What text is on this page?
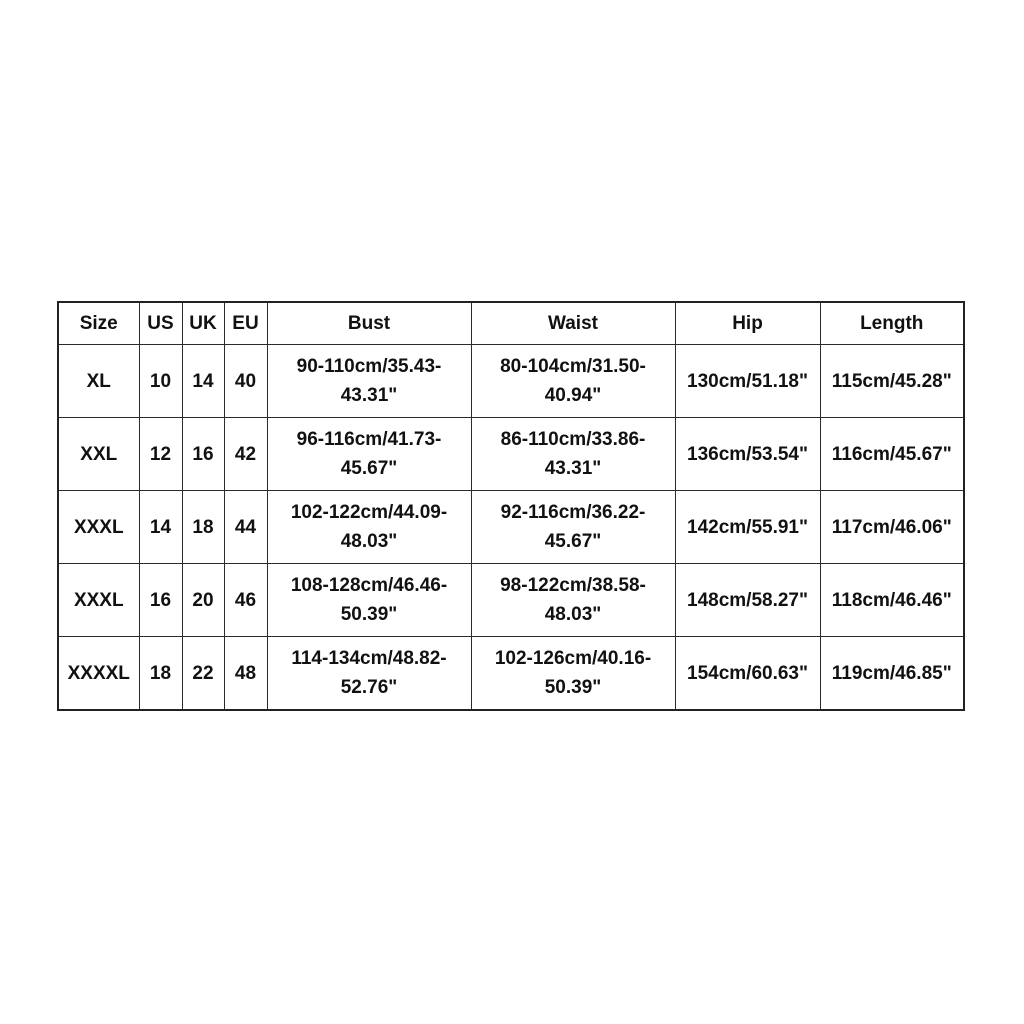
Size	US	UK	EU	Bust	Waist	Hip	Length
XL	10	14	40	90-110cm/35.43-43.31"	80-104cm/31.50-40.94"	130cm/51.18"	115cm/45.28"
XXL	12	16	42	96-116cm/41.73-45.67"	86-110cm/33.86-43.31"	136cm/53.54"	116cm/45.67"
XXXL	14	18	44	102-122cm/44.09-48.03"	92-116cm/36.22-45.67"	142cm/55.91"	117cm/46.06"
XXXL	16	20	46	108-128cm/46.46-50.39"	98-122cm/38.58-48.03"	148cm/58.27"	118cm/46.46"
XXXXL	18	22	48	114-134cm/48.82-52.76"	102-126cm/40.16-50.39"	154cm/60.63"	119cm/46.85"
